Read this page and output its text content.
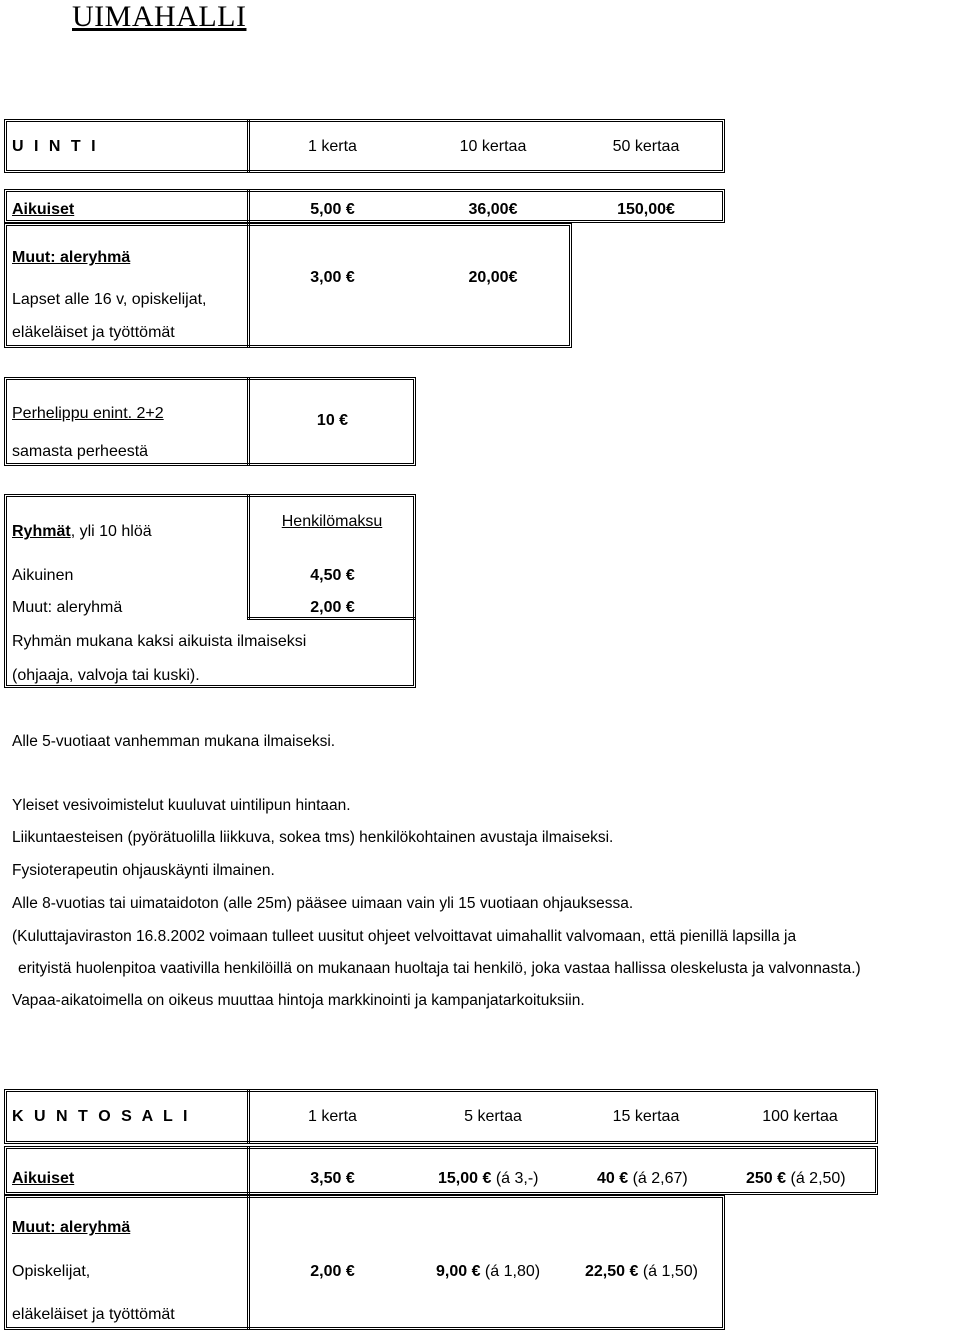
UIMAHALLI
U I N T I	1 kerta	10 kertaa	50 kertaa
Aikuiset	5,00 €	36,00€	150,00€
Muut: aleryhmä
Lapset alle 16 v, opiskelijat,
eläkeläiset ja työttömät
3,00 €	20,00€
Perhelippu enint. 2+2
samasta perheestä
10 €
Ryhmät, yli 10 hlöä
Henkilömaksu
Aikuinen	4,50 €
Muut: aleryhmä	2,00 €
Ryhmän mukana kaksi aikuista ilmaiseksi
(ohjaaja, valvoja tai kuski).
Alle 5-vuotiaat vanhemman mukana ilmaiseksi.
Yleiset vesivoimistelut kuuluvat uintilipun hintaan.
Liikuntaesteisen (pyörätuolilla liikkuva, sokea tms) henkilökohtainen avustaja ilmaiseksi.
Fysioterapeutin ohjauskäynti ilmainen.
Alle 8-vuotias tai uimataidoton (alle 25m) pääsee uimaan vain yli 15 vuotiaan ohjauksessa.
(Kuluttajaviraston 16.8.2002 voimaan tulleet uusitut ohjeet velvoittavat uimahallit valvomaan, että pienillä lapsilla ja
erityistä huolenpitoa vaativilla henkilöillä on mukanaan huoltaja tai henkilö, joka vastaa hallissa oleskelusta ja valvonnasta.)
Vapaa-aikatoimella on oikeus muuttaa hintoja markkinointi ja kampanjatarkoituksiin.
K U N T O S A L I	1 kerta	5 kertaa	15 kertaa	100 kertaa
Aikuiset	3,50 €	15,00 € (á 3,-)	40 € (á 2,67)	250 € (á 2,50)
Muut: aleryhmä
Opiskelijat,
eläkeläiset ja työttömät
2,00 €	9,00 € (á 1,80)	22,50 € (á 1,50)
